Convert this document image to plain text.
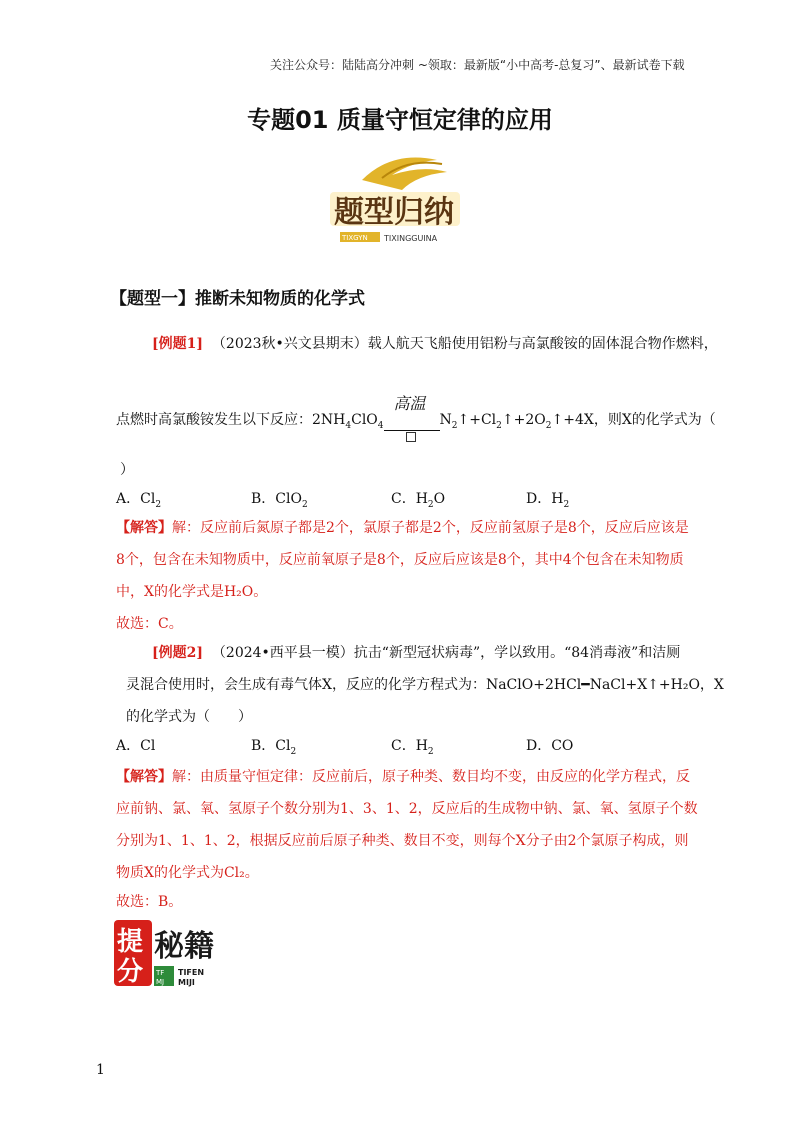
关注公众号：陆陆高分冲刺 ~领取：最新版“小中高考-总复习”、最新试卷下载
专题01 质量守恒定律的应用
题型归纳
TIXGYN TIXINGGUINA
【题型一】推断未知物质的化学式
[例题1] （2023秋•兴文县期末）载人航天飞船使用铝粉与高氯酸铵的固体混合物作燃料，
点燃时高氯酸铵发生以下反应：$2NH_4ClO_4$
高温
$N_2↑+Cl_2↑+2O_2↑+4X$，则X的化学式为（
）
A．$Cl_2$	B．ClO$_2$	C．$H_2O$	D．$H_2$
【解答】解：反应前后氮原子都是2个，氯原子都是2个，反应前氢原子是8个，反应后应该是
8个，包含在未知物质中，反应前氧原子是8个，反应后应该是8个，其中4个包含在未知物质
中，X的化学式是H₂O。
故选：C。
[例题2] （2024•西平县一模）抗击“新型冠状病毒”，学以致用。“84消毒液”和洁厕
灵混合使用时，会生成有毒气体X，反应的化学方程式为：NaClO+2HCl━NaCl+X↑+H₂O，X
的化学式为（　　）
A．Cl	B．$Cl_2$	C．$H_2$	D．CO
【解答】解：由质量守恒定律：反应前后，原子种类、数目均不变，由反应的化学方程式，反
应前钠、氯、氧、氢原子个数分别为1、3、1、2，反应后的生成物中钠、氯、氧、氢原子个数
分别为1、1、1、2，根据反应前后原子种类、数目不变，则每个X分子由2个氯原子构成，则
物质X的化学式为Cl₂。
故选：B。
提
分
秘籍
TF
MJ
TIFEN
MIJI
1
